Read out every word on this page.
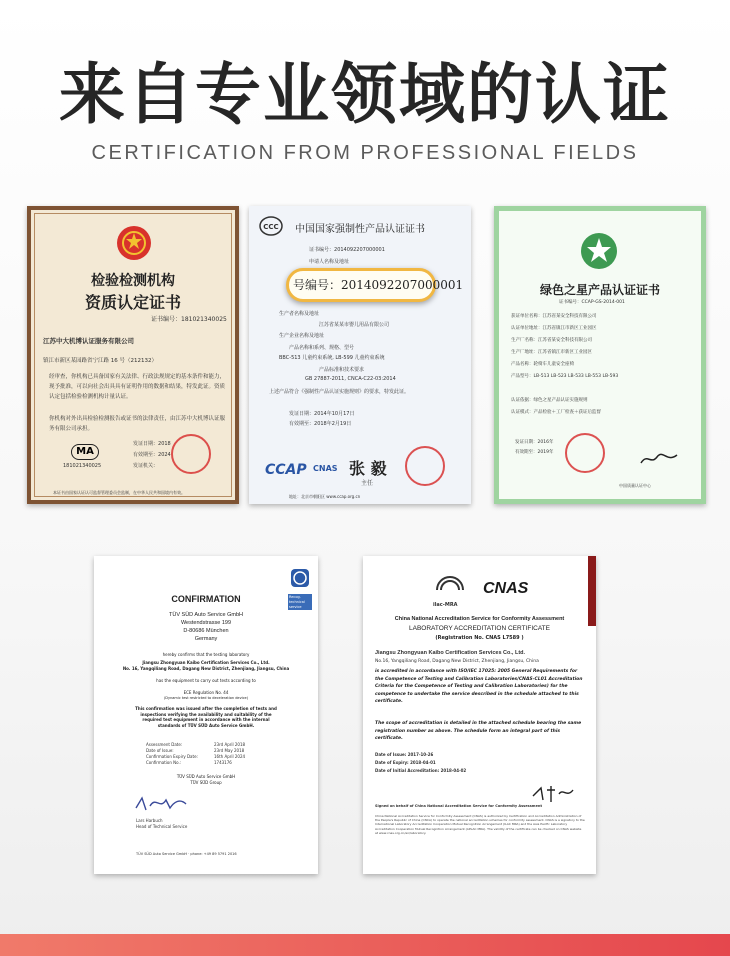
来自专业领域的认证
CERTIFICATION FROM PROFESSIONAL FIELDS
检验检测机构
资质认定证书
证书编号：181021340025
江苏中大机博认证服务有限公司
镇江市新区某园路省宁江路 16 号（212132）
经审查，你机构已具备国家有关法律、行政法规规定的基本条件和能力，现予批准，可以向社会出具具有证明作用的数据和结果，特发此证。资质认定包括检验检测机构计量认证。
你机构对外出具检验检测报告或证书的法律责任，由江苏中大机博认证服务有限公司承担。
MA
181021340025
发证日期：2018
有效期至：2024
发证机关：
本证书由国家认证认可监督管理委员会监制，在中华人民共和国境内有效。
CCC	中国国家强制性产品认证证书
证书编号：2014092207000001
申请人名称及地址
生产者名称及地址
江苏省某某市婴儿用品有限公司
生产企业名称及地址
产品名称和系列、规格、型号
BBC-513 儿童约束系统, LB-599 儿童约束系统
产品标准和技术要求
GB 27887-2011, CNCA-C22-03:2014
上述产品符合《强制性产品认证实施规则》的要求，特发此证。
发证日期：2014年10月17日
有效期至：2018年2月19日
CCAP CNAS 张 毅
主任
地址：北京市朝阳区 www.ccap.org.cn
号编号：2014092207000001	绿色之星产品认证证书
证书编号：CCAP-GS-2014-001
获证单位名称：江苏省某安全科技有限公司
认证单位地址：江苏省镇江市新区工业园区
生产厂名称：江苏省某安全科技有限公司
生产厂地址：江苏省镇江市新区工业园区
产品名称：轮椅车儿童安全座椅
产品型号：LB-513 LB-523 LB-533 LB-553 LB-593
认证依据：绿色之星产品认证实施规则
认证模式：产品检验＋工厂检查＋获证后监督
发证日期：2016年
有效期至：2019年
中国质量认证中心
Recog. technical service
CONFIRMATION
TÜV SÜD Auto Service GmbH
Westendstrasse 199
D-80686 München
Germany
hereby confirms that the testing laboratory
Jiangsu Zhongyuan Kaibo Certification Services Co., Ltd.
No. 16, Yangqiliang Road, Dagang New District, Zhenjiang, Jiangsu, China
has the equipment to carry out tests according to
ECE Regulation No. 44
(Dynamic test restricted to deceleration device)
This confirmation was issued after the completion of tests and inspections verifying the availability and suitability of the required test equipment in accordance with the internal standards of TÜV SÜD Auto Service GmbH.
Assessment Date:	23rd April 2018
Date of Issue:	23rd May 2018
Confirmation Expiry Date:	16th April 2024
Confirmation No.:	1743176
TÜV SÜD Auto Service GmbH
TÜV SÜD Group
Lars Harbuch
Head of Technical Service
TÜV SÜD Auto Service GmbH · phone: +49 89 5791 2016
ilac-MRA
CNAS
China National Accreditation Service for Conformity Assessment
LABORATORY ACCREDITATION CERTIFICATE
(Registration No. CNAS L7589 )
Jiangsu Zhongyuan Kaibo Certification Services Co., Ltd.
No.16, Yangqiliang Road, Dagang New District, Zhenjiang, Jiangsu, China
is accredited in accordance with ISO/IEC 17025: 2005 General Requirements for the Competence of Testing and Calibration Laboratories/CNAS-CL01 Accreditation Criteria for the Competence of Testing and Calibration Laboratories) for the competence to undertake the service described in the schedule attached to this certificate.
The scope of accreditation is detailed in the attached schedule bearing the same registration number as above. The schedule form an integral part of this certificate.
Date of Issue: 2017-10-26
Date of Expiry: 2018-04-01
Date of Initial Accreditation: 2018-04-02
Signed on behalf of China National Accreditation Service for Conformity Assessment
China National Accreditation Service for Conformity Assessment (CNAS) is authorized by Certification and Accreditation Administration of the People's Republic of China (CNCA) to operate the national accreditation schemes for conformity assessment. CNAS is a signatory to the International Laboratory Accreditation Cooperation Mutual Recognition Arrangement (ILAC MRA) and the Asia Pacific Laboratory Accreditation Cooperation Mutual Recognition Arrangement (APLAC MRA). The validity of the certificate can be checked on CNAS website at www.cnas.org.cn/en/laboratory.
